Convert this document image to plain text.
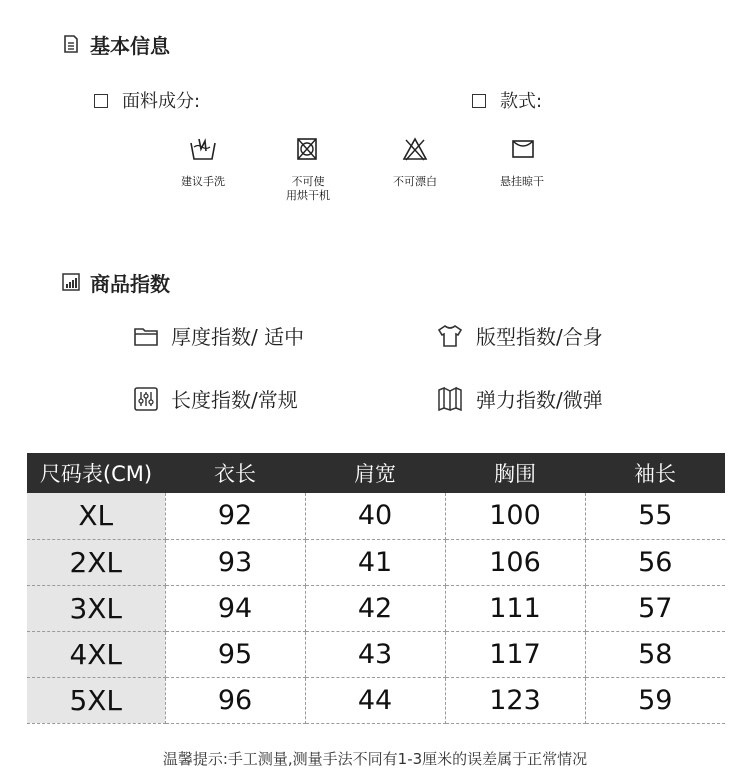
基本信息
面料成分:	款式:
建议手洗	不可使
用烘干机
不可漂白	悬挂晾干
商品指数
厚度指数/ 适中	版型指数/合身
长度指数/常规	弹力指数/微弹
尺码表(CM)	衣长	肩宽	胸围	袖长
XL	92	40	100	55
2XL	93	41	106	56
3XL	94	42	111	57
4XL	95	43	117	58
5XL	96	44	123	59
温馨提示:手工测量,测量手法不同有1-3厘米的误差属于正常情况
